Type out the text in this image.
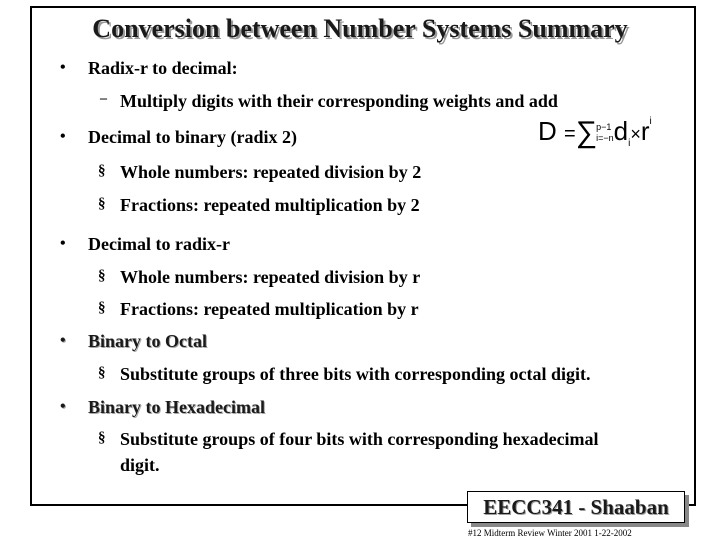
Conversion between Number Systems Summary
• Radix-r to decimal:
– Multiply digits with their corresponding weights and add
• Decimal to binary (radix 2)
§ Whole numbers: repeated division by 2
§ Fractions: repeated multiplication by 2
• Decimal to radix-r
§ Whole numbers: repeated division by r
§ Fractions: repeated multiplication by r
• Binary to Octal
§ Substitute groups of three bits with corresponding octal digit.
• Binary to Hexadecimal
§ Substitute groups of four bits with corresponding hexadecimal
digit.
D =∑ p−1
i=−n $d_i\times r^i$
EECC341 - Shaaban
#12 Midterm Review Winter 2001 1-22-2002
